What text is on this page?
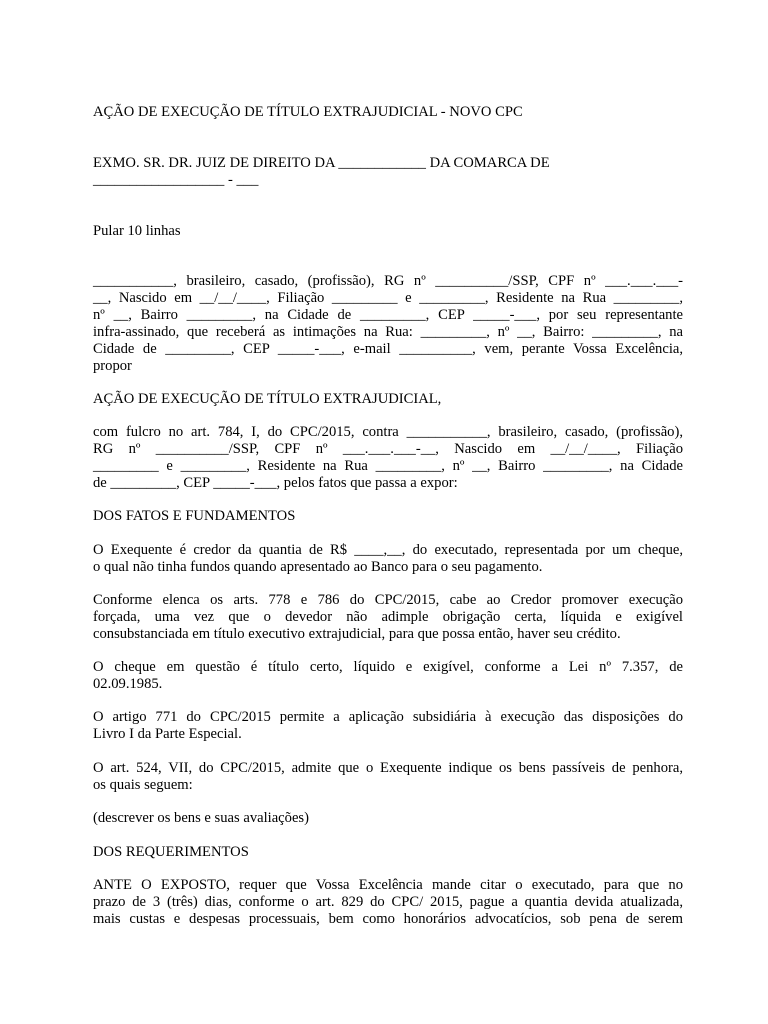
AÇÃO DE EXECUÇÃO DE TÍTULO EXTRAJUDICIAL - NOVO CPC

EXMO. SR. DR. JUIZ DE DIREITO DA ____________ DA COMARCA DE
__________________ - ___

Pular 10 linhas

___________, brasileiro, casado, (profissão), RG nº __________/SSP, CPF nº ___.___.___-
__, Nascido em __/__/____, Filiação _________ e _________, Residente na Rua _________,
nº __, Bairro _________, na Cidade de _________, CEP _____-___, por seu representante
infra-assinado, que receberá as intimações na Rua: _________, nº __, Bairro: _________, na
Cidade de _________, CEP _____-___, e-mail __________, vem, perante Vossa Excelência,
propor

AÇÃO DE EXECUÇÃO DE TÍTULO EXTRAJUDICIAL,

com fulcro no art. 784, I, do CPC/2015, contra ___________, brasileiro, casado, (profissão),
RG nº __________/SSP, CPF nº ___.___.___-__, Nascido em __/__/____, Filiação
_________ e _________, Residente na Rua _________, nº __, Bairro _________, na Cidade
de _________, CEP _____-___, pelos fatos que passa a expor:

DOS FATOS E FUNDAMENTOS

O Exequente é credor da quantia de R$ ____,__, do executado, representada por um cheque,
o qual não tinha fundos quando apresentado ao Banco para o seu pagamento.

Conforme elenca os arts. 778 e 786 do CPC/2015, cabe ao Credor promover execução
forçada, uma vez que o devedor não adimple obrigação certa, líquida e exigível
consubstanciada em título executivo extrajudicial, para que possa então, haver seu crédito.

O cheque em questão é título certo, líquido e exigível, conforme a Lei nº 7.357, de
02.09.1985.

O artigo 771 do CPC/2015 permite a aplicação subsidiária à execução das disposições do
Livro I da Parte Especial.

O art. 524, VII, do CPC/2015, admite que o Exequente indique os bens passíveis de penhora,
os quais seguem:

(descrever os bens e suas avaliações)

DOS REQUERIMENTOS

ANTE O EXPOSTO, requer que Vossa Excelência mande citar o executado, para que no
prazo de 3 (três) dias, conforme o art. 829 do CPC/ 2015, pague a quantia devida atualizada,
mais custas e despesas processuais, bem como honorários advocatícios, sob pena de serem
